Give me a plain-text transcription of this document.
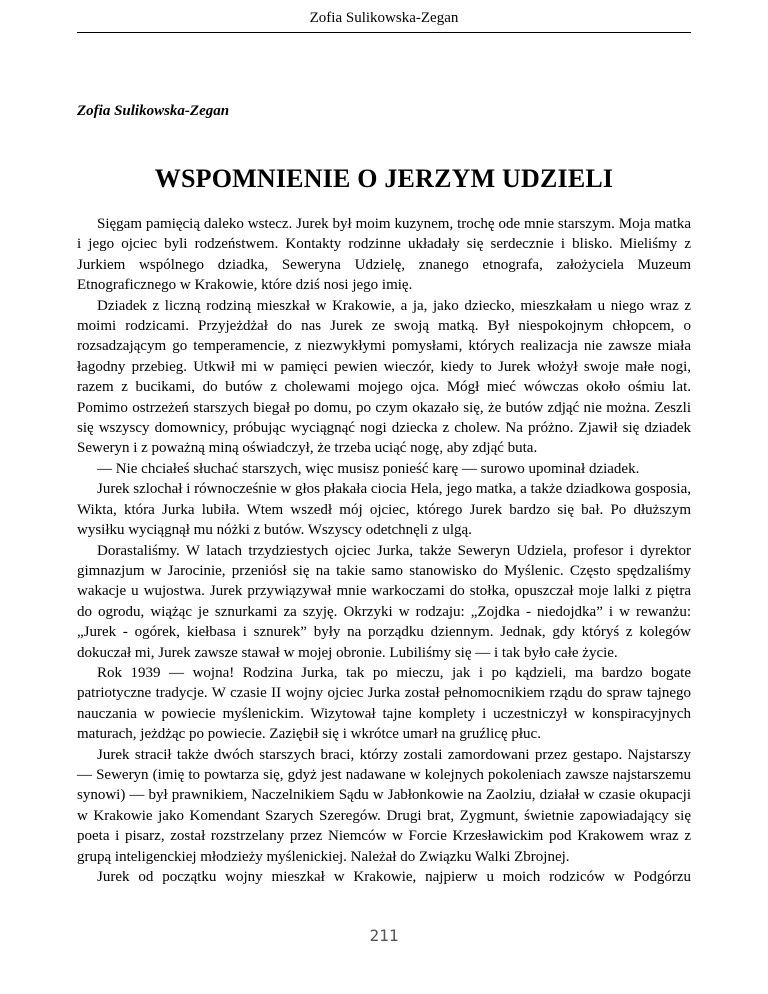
Zofia Sulikowska-Zegan
Zofia Sulikowska-Zegan
WSPOMNIENIE O JERZYM UDZIELI

Sięgam pamięcią daleko wstecz. Jurek był moim kuzynem, trochę ode mnie starszym. Moja matka i jego ojciec byli rodzeństwem. Kontakty rodzinne układały się serdecznie i blisko. Mieliśmy z Jurkiem wspólnego dziadka, Seweryna Udzielę, znanego etnografa, założyciela Muzeum Etnograficznego w Krakowie, które dziś nosi jego imię.

Dziadek z liczną rodziną mieszkał w Krakowie, a ja, jako dziecko, mieszkałam u niego wraz z moimi rodzicami. Przyjeżdżał do nas Jurek ze swoją matką. Był niespokojnym chłopcem, o rozsadzającym go temperamencie, z niezwykłymi pomysłami, których realizacja nie zawsze miała łagodny przebieg. Utkwił mi w pamięci pewien wieczór, kiedy to Jurek włożył swoje małe nogi, razem z bucikami, do butów z cholewami mojego ojca. Mógł mieć wówczas około ośmiu lat. Pomimo ostrzeżeń starszych biegał po domu, po czym okazało się, że butów zdjąć nie można. Zeszli się wszyscy domownicy, próbując wyciągnąć nogi dziecka z cholew. Na próżno. Zjawił się dziadek Seweryn i z poważną miną oświadczył, że trzeba uciąć nogę, aby zdjąć buta.

— Nie chciałeś słuchać starszych, więc musisz ponieść karę — surowo upominał dziadek.

Jurek szlochał i równocześnie w głos płakała ciocia Hela, jego matka, a także dziadkowa gosposia, Wikta, która Jurka lubiła. Wtem wszedł mój ojciec, którego Jurek bardzo się bał. Po dłuższym wysiłku wyciągnął mu nóżki z butów. Wszyscy odetchnęli z ulgą.

Dorastaliśmy. W latach trzydziestych ojciec Jurka, także Seweryn Udziela, profesor i dyrektor gimnazjum w Jarocinie, przeniósł się na takie samo stanowisko do Myślenic. Często spędzaliśmy wakacje u wujostwa. Jurek przywiązywał mnie warkoczami do stołka, opuszczał moje lalki z piętra do ogrodu, wiążąc je sznurkami za szyję. Okrzyki w rodzaju: „Zojdka - niedojdka” i w rewanżu: „Jurek - ogórek, kiełbasa i sznurek” były na porządku dziennym. Jednak, gdy któryś z kolegów dokuczał mi, Jurek zawsze stawał w mojej obronie. Lubiliśmy się — i tak było całe życie.

Rok 1939 — wojna! Rodzina Jurka, tak po mieczu, jak i po kądzieli, ma bardzo bogate patriotyczne tradycje. W czasie II wojny ojciec Jurka został pełnomocnikiem rządu do spraw tajnego nauczania w powiecie myślenickim. Wizytował tajne komplety i uczestniczył w konspiracyjnych maturach, jeżdżąc po powiecie. Zaziębił się i wkrótce umarł na gruźlicę płuc.

Jurek stracił także dwóch starszych braci, którzy zostali zamordowani przez gestapo. Najstarszy — Seweryn (imię to powtarza się, gdyż jest nadawane w kolejnych pokoleniach zawsze najstarszemu synowi) — był prawnikiem, Naczelnikiem Sądu w Jabłonkowie na Zaolziu, działał w czasie okupacji w Krakowie jako Komendant Szarych Szeregów. Drugi brat, Zygmunt, świetnie zapowiadający się poeta i pisarz, został rozstrzelany przez Niemców w Forcie Krzesławickim pod Krakowem wraz z grupą inteligenckiej młodzieży myślenickiej. Należał do Związku Walki Zbrojnej.

Jurek od początku wojny mieszkał w Krakowie, najpierw u moich rodziców w Podgórzu

211
